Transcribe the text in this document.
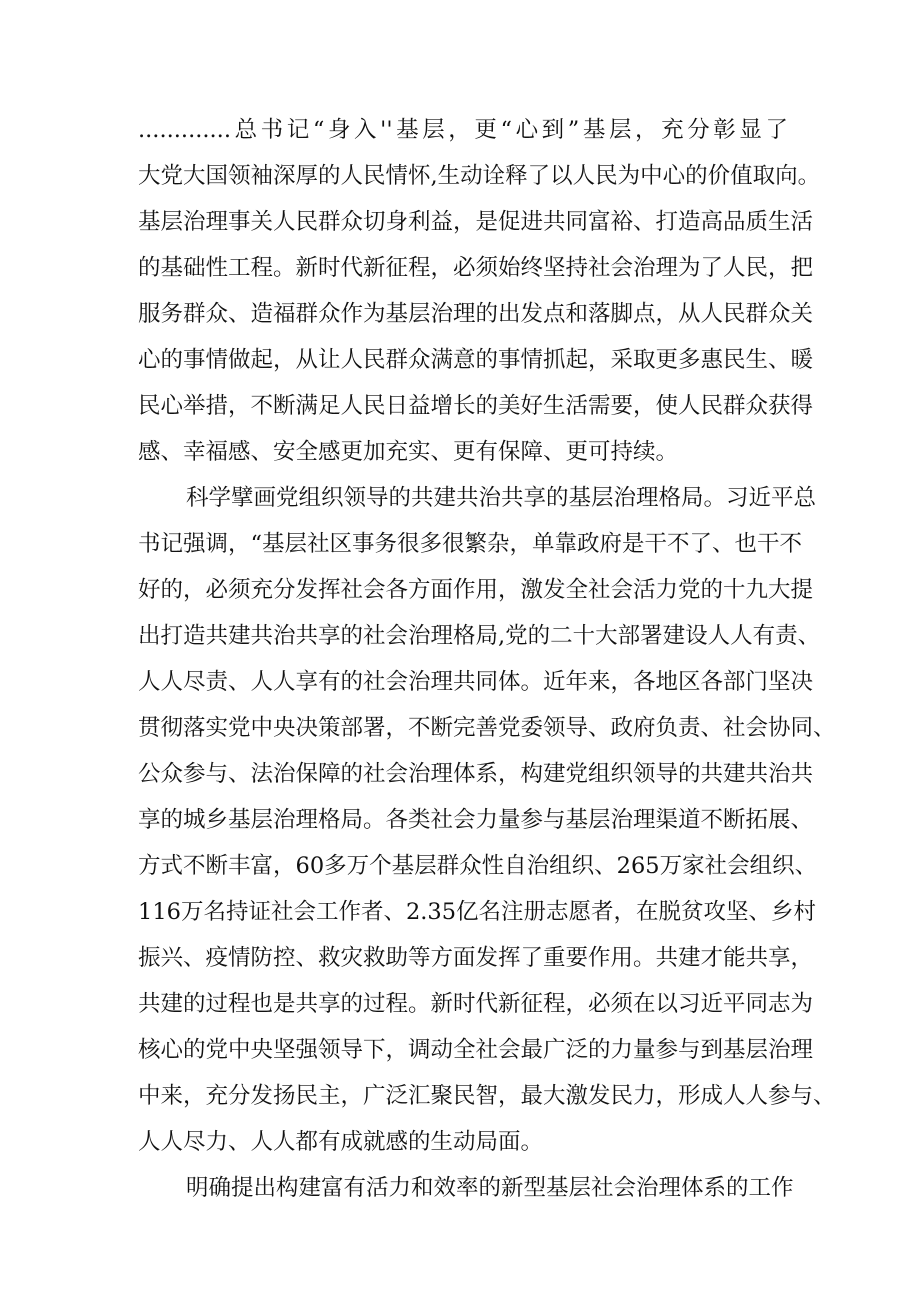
.............总书记“身入''基层，更“心到”基层，充分彰显了
大党大国领袖深厚的人民情怀,生动诠释了以人民为中心的价值取向。
基层治理事关人民群众切身利益，是促进共同富裕、打造高品质生活
的基础性工程。新时代新征程，必须始终坚持社会治理为了人民，把
服务群众、造福群众作为基层治理的出发点和落脚点，从人民群众关
心的事情做起，从让人民群众满意的事情抓起，采取更多惠民生、暖
民心举措，不断满足人民日益增长的美好生活需要，使人民群众获得
感、幸福感、安全感更加充实、更有保障、更可持续。
科学擘画党组织领导的共建共治共享的基层治理格局。习近平总
书记强调，“基层社区事务很多很繁杂，单靠政府是干不了、也干不
好的，必须充分发挥社会各方面作用，激发全社会活力党的十九大提
出打造共建共治共享的社会治理格局,党的二十大部署建设人人有责、
人人尽责、人人享有的社会治理共同体。近年来，各地区各部门坚决
贯彻落实党中央决策部署，不断完善党委领导、政府负责、社会协同、
公众参与、法治保障的社会治理体系，构建党组织领导的共建共治共
享的城乡基层治理格局。各类社会力量参与基层治理渠道不断拓展、
方式不断丰富，60多万个基层群众性自治组织、265万家社会组织、
116万名持证社会工作者、2.35亿名注册志愿者，在脱贫攻坚、乡村
振兴、疫情防控、救灾救助等方面发挥了重要作用。共建才能共享，
共建的过程也是共享的过程。新时代新征程，必须在以习近平同志为
核心的党中央坚强领导下，调动全社会最广泛的力量参与到基层治理
中来，充分发扬民主，广泛汇聚民智，最大激发民力，形成人人参与、
人人尽力、人人都有成就感的生动局面。
明确提出构建富有活力和效率的新型基层社会治理体系的工作
